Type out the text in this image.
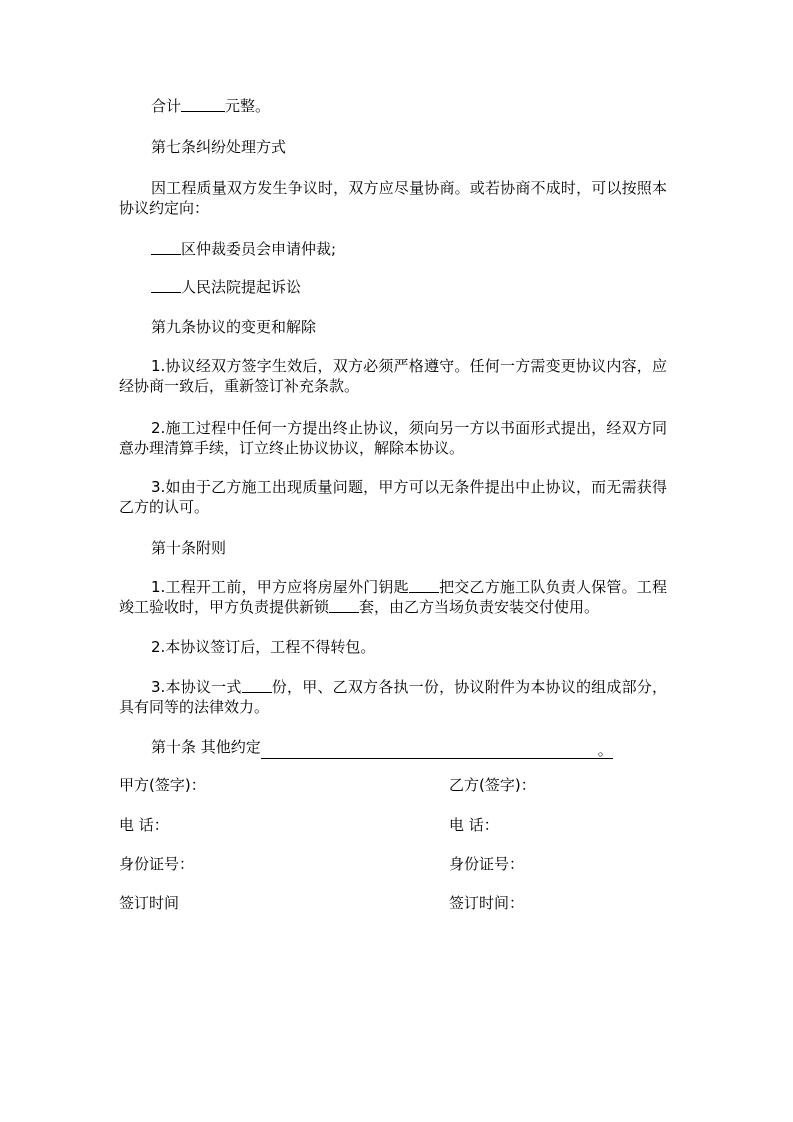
合计	元整。

第七条纠纷处理方式

因工程质量双方发生争议时，双方应尽量协商。或若协商不成时，可以按照本协议约定向：

区仲裁委员会申请仲裁;

人民法院提起诉讼

第九条协议的变更和解除

1.协议经双方签字生效后，双方必须严格遵守。任何一方需变更协议内容，应经协商一致后，重新签订补充条款。

2.施工过程中任何一方提出终止协议，须向另一方以书面形式提出，经双方同意办理清算手续，订立终止协议协议，解除本协议。

3.如由于乙方施工出现质量问题，甲方可以无条件提出中止协议，而无需获得乙方的认可。

第十条附则

1.工程开工前，甲方应将房屋外门钥匙 把交乙方施工队负责人保管。工程竣工验收时，甲方负责提供新锁 套，由乙方当场负责安装交付使用。

2.本协议签订后，工程不得转包。

3.本协议一式 份，甲、乙双方各执一份，协议附件为本协议的组成部分，具有同等的法律效力。

第十条 其他约定	。

甲方(签字)：	乙方(签字)：
电 话：	电 话：
身份证号：	身份证号：
签订时间	签订时间：
